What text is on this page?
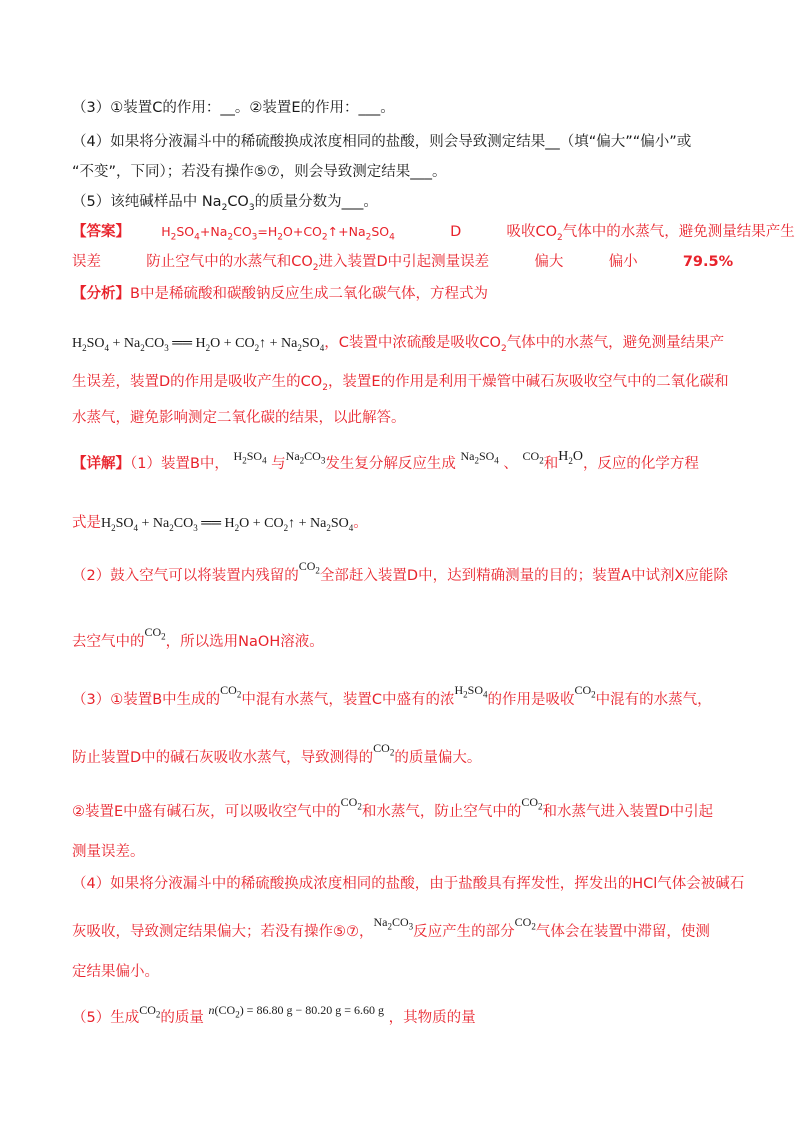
（3）①装置C的作用：__。②装置E的作用：___。
（4）如果将分液漏斗中的稀硫酸换成浓度相同的盐酸，则会导致测定结果__（填“偏大”“偏小”或
“不变”，下同）；若没有操作⑤⑦，则会导致测定结果___。
（5）该纯碱样品中 $Na_2CO_3$的质量分数为___。
【答案】 $H_2SO_4+Na_2CO_3=H_2O+CO_2↑+Na_2SO_4$	D	吸收$CO_2$气体中的水蒸气，避免测量结果产生
误差	防止空气中的水蒸气和$CO_2$进入装置D中引起测量误差	偏大	偏小	79.5%
【分析】B中是稀硫酸和碳酸钠反应生成二氧化碳气体，方程式为
$H_2SO_4 + Na_2CO_3$ ══ $H_2O$ + $CO_2↑ + Na_2SO_4$，C装置中浓硫酸是吸收$CO_2$气体中的水蒸气，避免测量结果产
生误差，装置D的作用是吸收产生的$CO_2$，装置E的作用是利用干燥管中碱石灰吸收空气中的二氧化碳和
水蒸气，避免影响测定二氧化碳的结果，以此解答。
【详解】（1）装置B中， $^{H_2SO_4}$ 与$^{Na_2CO_3}$发生复分解反应生成 $^{Na_2SO_4}$ 、 $^{CO_2}$和$H_2O$，反应的化学方程
式是$H_2SO_4 + Na_2CO_3$ ══ $H_2O$ + $CO_2↑ + Na_2SO_4$。
（2）鼓入空气可以将装置内残留的$^{CO_2}$全部赶入装置D中，达到精确测量的目的；装置A中试剂X应能除
去空气中的$^{CO_2}$，所以选用NaOH溶液。
（3）①装置B中生成的$^{CO_2}$中混有水蒸气，装置C中盛有的浓$^{H_2SO_4}$的作用是吸收$^{CO_2}$中混有的水蒸气，
防止装置D中的碱石灰吸收水蒸气，导致测得的$^{CO_2}$的质量偏大。
②装置E中盛有碱石灰，可以吸收空气中的$^{CO_2}$和水蒸气，防止空气中的$^{CO_2}$和水蒸气进入装置D中引起
测量误差。
（4）如果将分液漏斗中的稀硫酸换成浓度相同的盐酸，由于盐酸具有挥发性，挥发出的HCl气体会被碱石
灰吸收，导致测定结果偏大；若没有操作⑤⑦，$^{Na_2CO_3}$反应产生的部分$^{CO_2}$气体会在装置中滞留，使测
定结果偏小。
（5）生成$^{CO_2}$的质量 $^{n(CO_2) = 86.80 g - 80.20 g = 6.60 g}$ ，其物质的量
